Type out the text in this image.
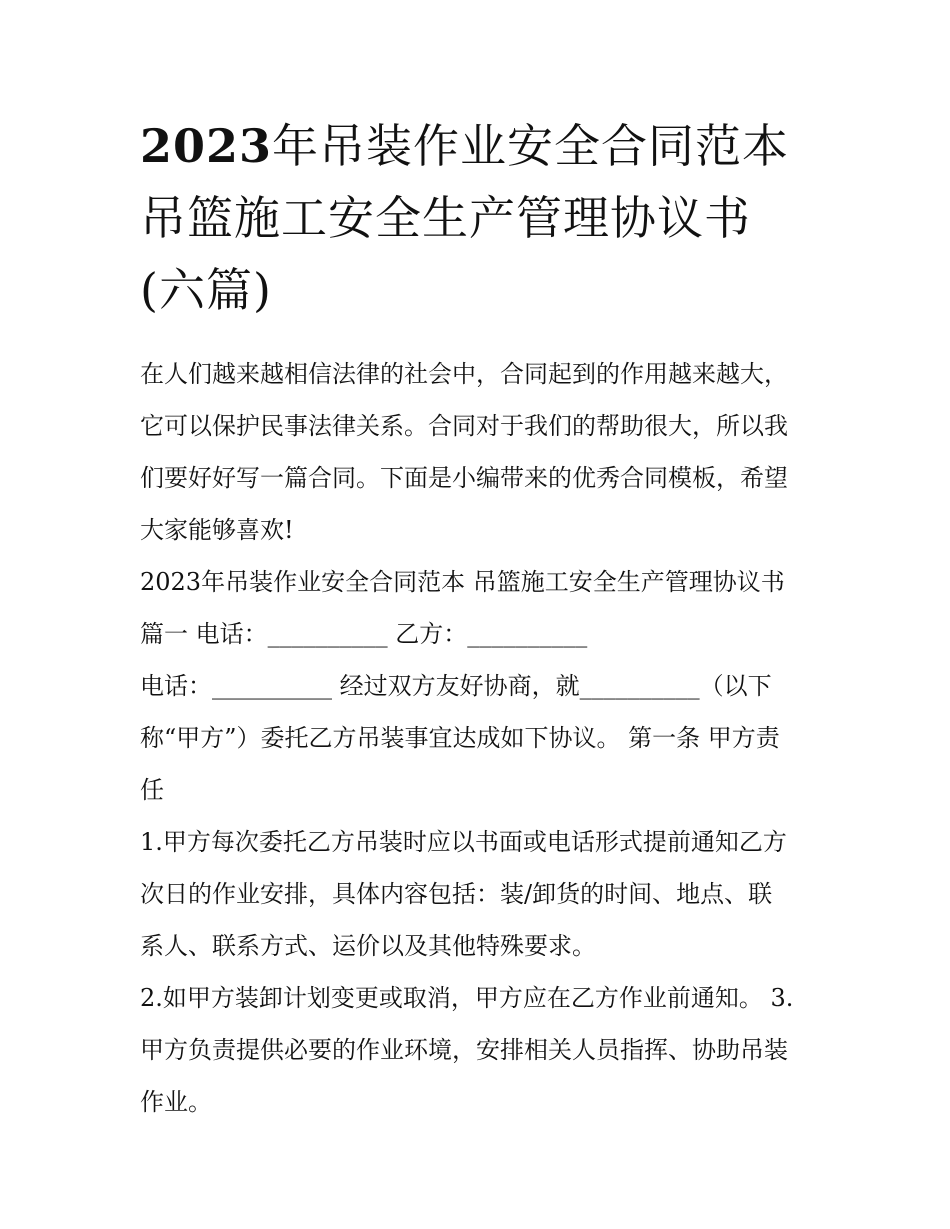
2023年吊装作业安全合同范本
吊篮施工安全生产管理协议书
(六篇)

在人们越来越相信法律的社会中，合同起到的作用越来越大，
它可以保护民事法律关系。合同对于我们的帮助很大，所以我
们要好好写一篇合同。下面是小编带来的优秀合同模板，希望
大家能够喜欢!

2023年吊装作业安全合同范本 吊篮施工安全生产管理协议书

篇一 电话：__________ 乙方：__________
电话：__________ 经过双方友好协商，就__________（以下
称“甲方”）委托乙方吊装事宜达成如下协议。 第一条 甲方责
任

1.甲方每次委托乙方吊装时应以书面或电话形式提前通知乙方
次日的作业安排，具体内容包括：装/卸货的时间、地点、联
系人、联系方式、运价以及其他特殊要求。

2.如甲方装卸计划变更或取消，甲方应在乙方作业前通知。 3.
甲方负责提供必要的作业环境，安排相关人员指挥、协助吊装
作业。
